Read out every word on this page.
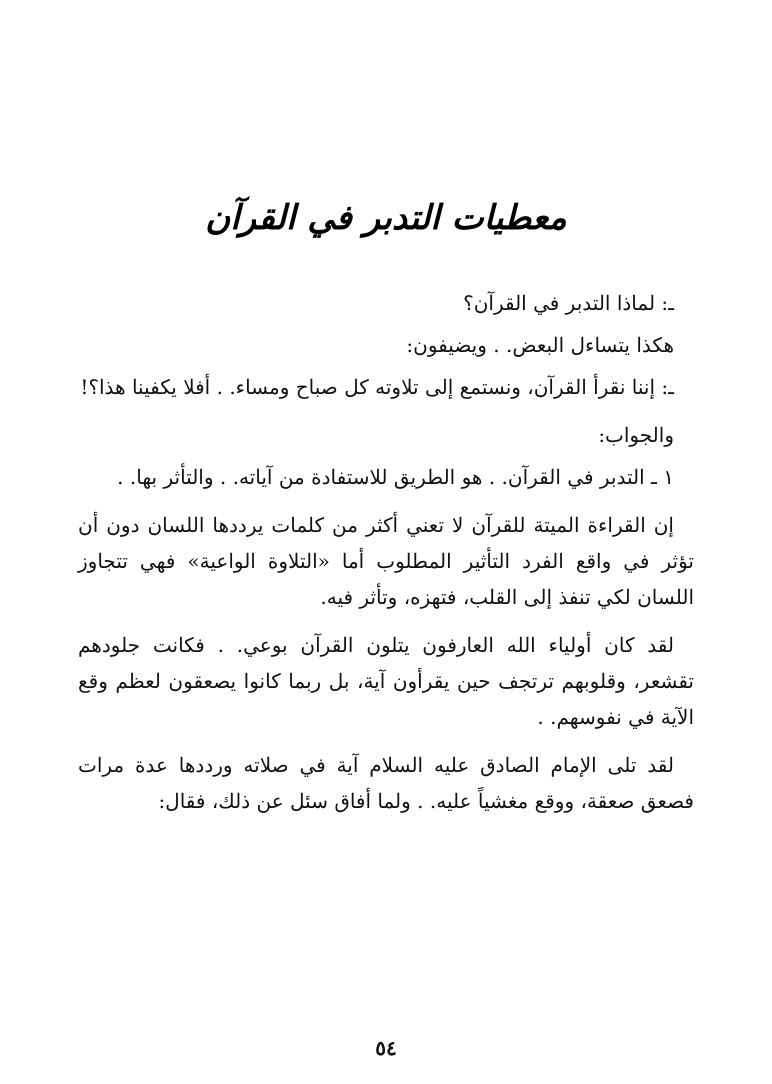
معطيات التدبر في القرآن

ـ: لماذا التدبر في القرآن؟

هكذا يتساءل البعض. . ويضيفون:

ـ: إننا نقرأ القرآن، ونستمع إلى تلاوته كل صباح ومساء. . أفلا يكفينا هذا؟!

والجواب:

١ ـ التدبر في القرآن. . هو الطريق للاستفادة من آياته. . والتأثر بها. .

إن القراءة الميتة للقرآن لا تعني أكثر من كلمات يرددها اللسان دون أن تؤثر في واقع الفرد التأثير المطلوب أما «التلاوة الواعية» فهي تتجاوز اللسان لكي تنفذ إلى القلب، فتهزه، وتأثر فيه.

لقد كان أولياء الله العارفون يتلون القرآن بوعي. . فكانت جلودهم تقشعر، وقلوبهم ترتجف حين يقرأون آية، بل ربما كانوا يصعقون لعظم وقع الآية في نفوسهم. .

لقد تلى الإمام الصادق عليه السلام آية في صلاته ورددها عدة مرات فصعق صعقة، ووقع مغشياً عليه. . ولما أفاق سئل عن ذلك، فقال:

٥٤
